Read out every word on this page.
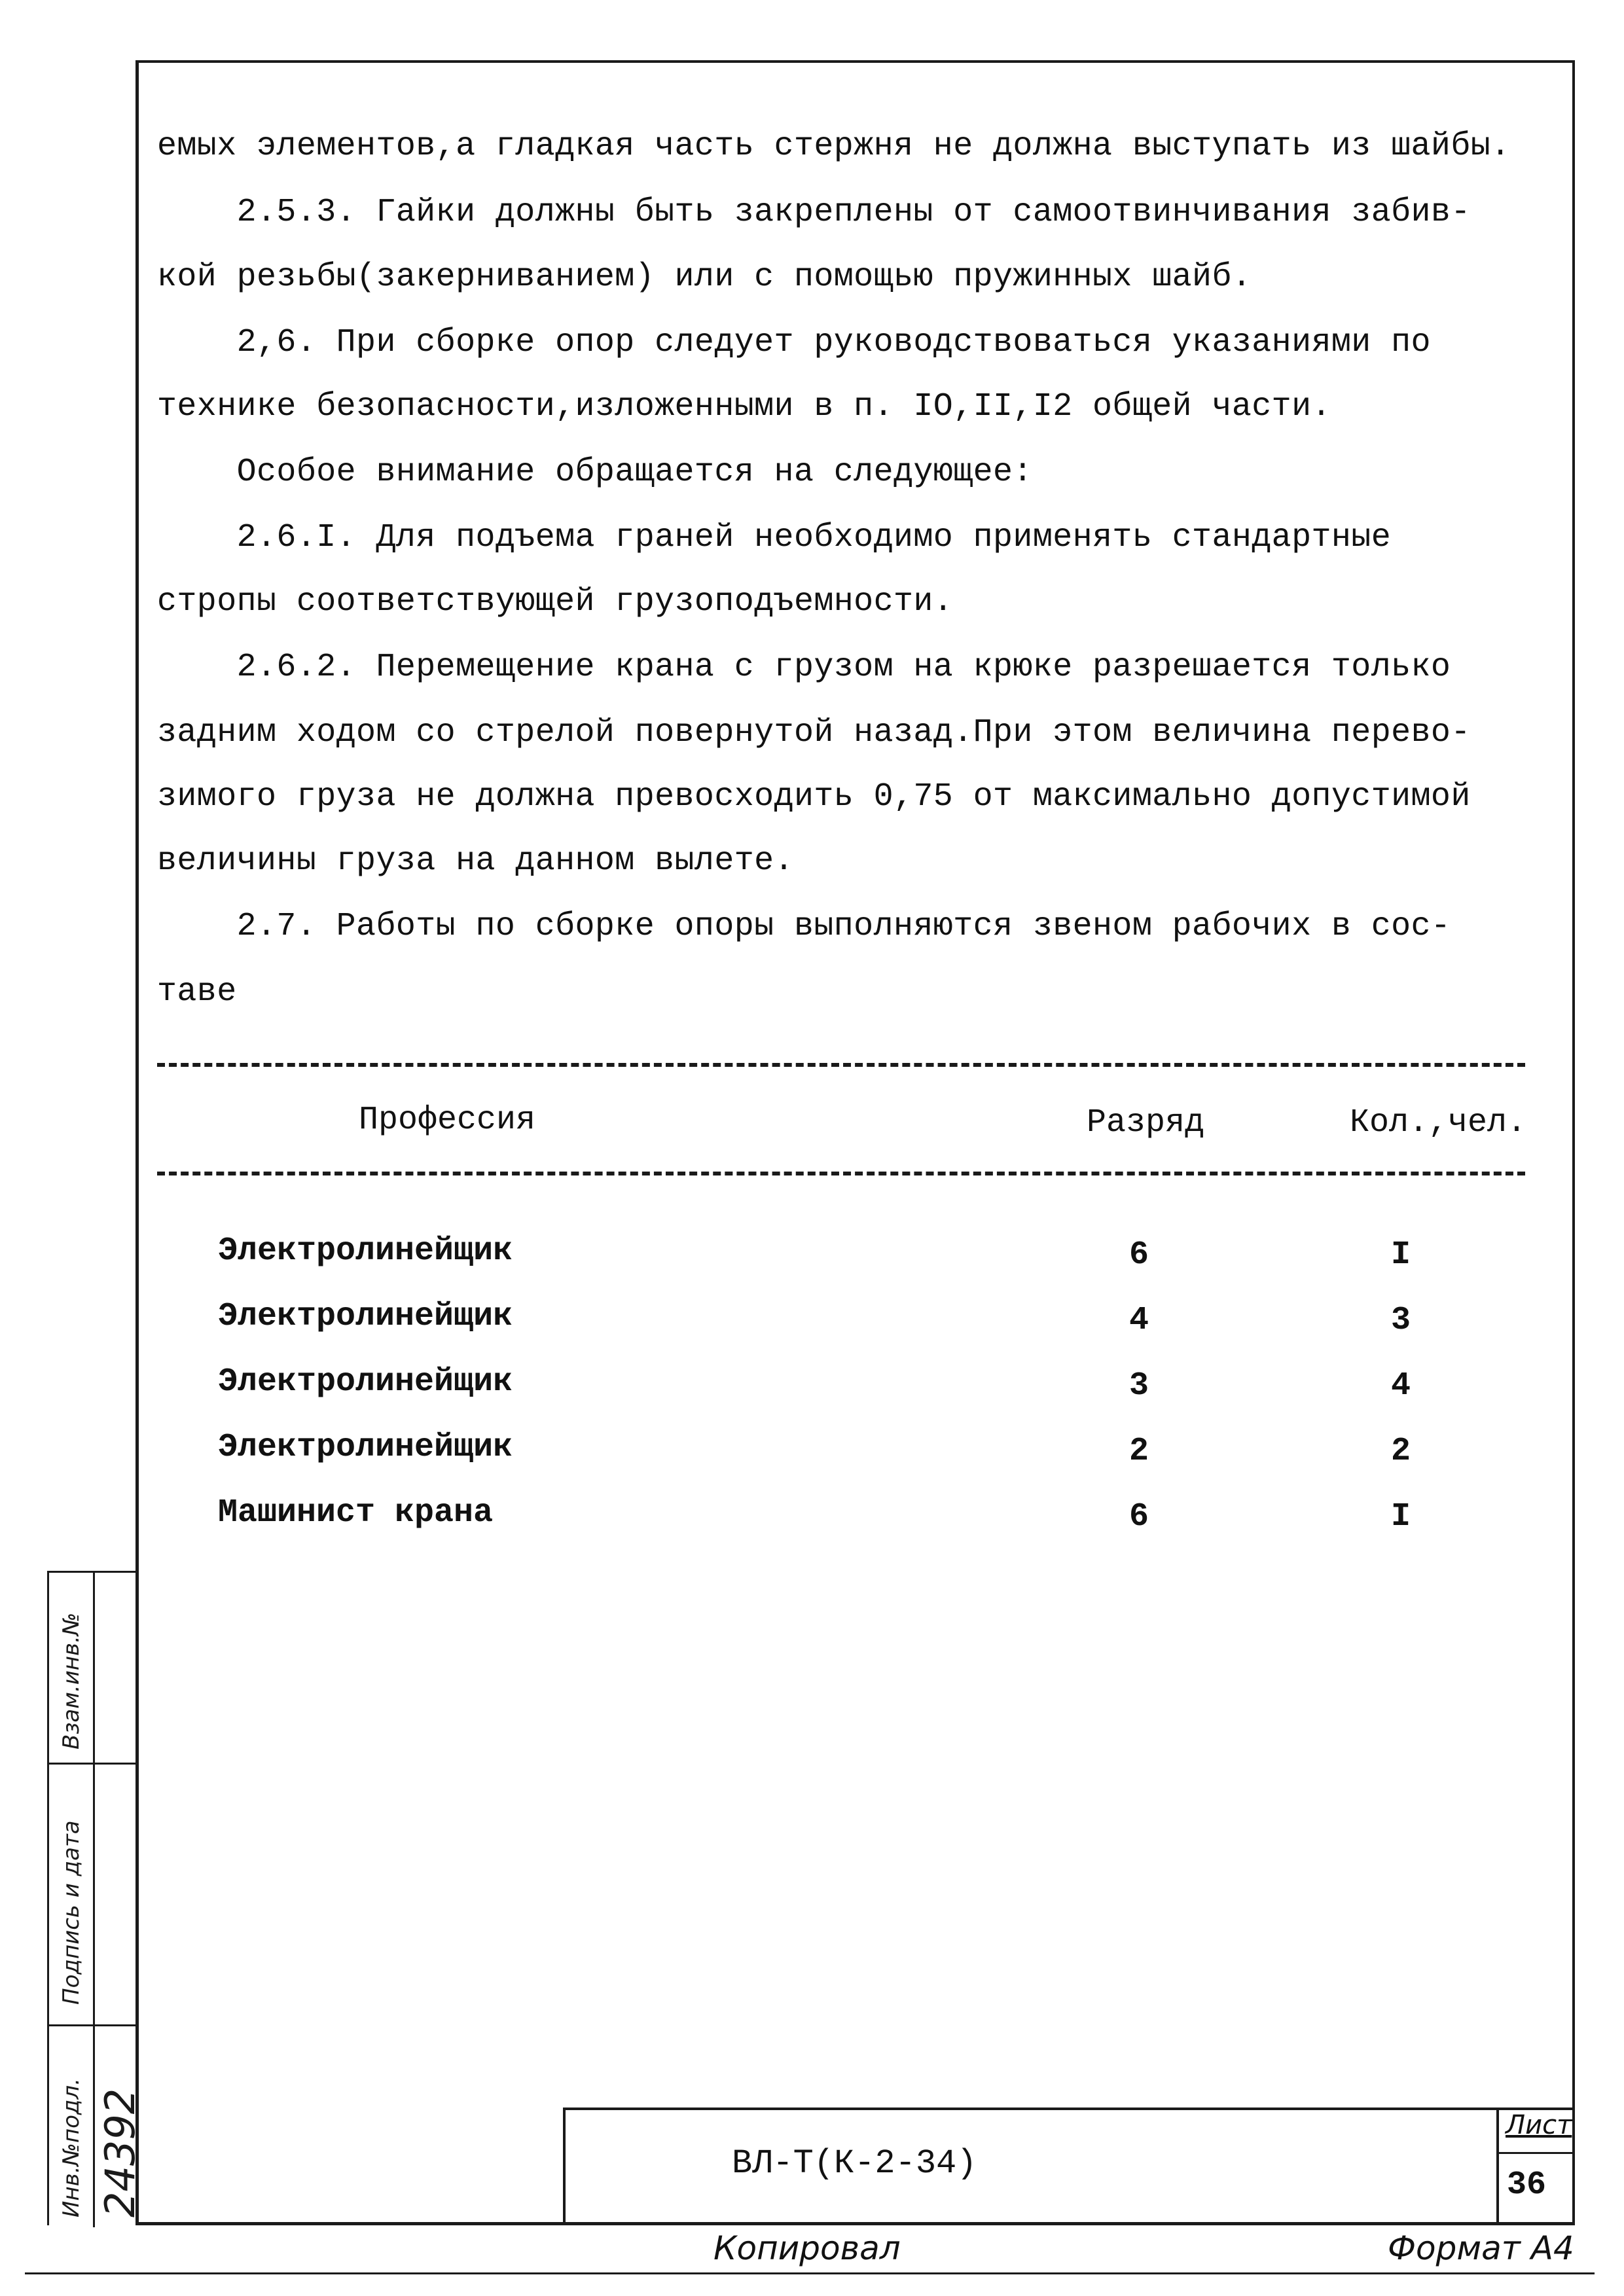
емых элементов,а гладкая часть стержня не должна выступать из шайбы.
2.5.3. Гайки должны быть закреплены от самоотвинчивания забив-
кой резьбы(закерниванием) или с помощью пружинных шайб.
2,6. При сборке опор следует руководствоваться указаниями по
технике безопасности,изложенными в п. IO,II,I2 общей части.
Особое внимание обращается на следующее:
2.6.I. Для подъема граней необходимо применять стандартные
стропы соответствующей грузоподъемности.
2.6.2. Перемещение крана с грузом на крюке разрешается только
задним ходом со стрелой повернутой назад.При этом величина перево-
зимого груза не должна превосходить 0,75 от максимально допустимой
величины груза на данном вылете.
2.7. Работы по сборке опоры выполняются звеном рабочих в сос-
таве
Профессия	Разряд	Кол.,чел.
Электролинейщик	6	I
Электролинейщик	4	3
Электролинейщик	3	4
Электролинейщик	2	2
Машинист крана	6	I
Взам.инв.№
Подпись и дата
Инв.№подл. 24392	ВЛ-Т(К-2-34)
Лист
36
Копировал	Формат А4
